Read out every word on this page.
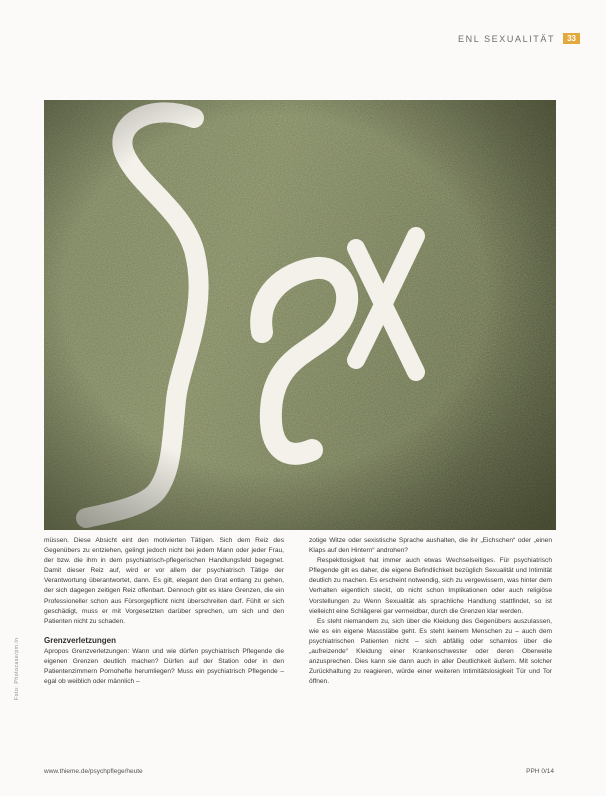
ENL SEXUALITÄT	33

müssen. Diese Absicht eint den motivierten Tätigen. Sich dem Reiz des Gegenübers zu entziehen, gelingt jedoch nicht bei jedem Mann oder jeder Frau, der bzw. die ihm in dem psychiatrisch-pflegerischen Handlungsfeld begegnet. Damit dieser Reiz auf, wird er vor allem der psychiatrisch Tätige der Verantwortung überantwortet, dann. Es gilt, elegant den Grat entlang zu gehen, der sich dagegen zeitigen Reiz offenbart. Dennoch gibt es klare Grenzen, die ein Professioneller schon aus Fürsorgepflicht nicht überschreiten darf. Fühlt er sich geschädigt, muss er mit Vorgesetzten darüber sprechen, um sich und den Patienten nicht zu schaden.

Grenzverletzungen

Apropos Grenzverletzungen: Wann und wie dürfen psychiatrisch Pflegende die eigenen Grenzen deutlich machen? Dürfen auf der Station oder in den Patientenzimmern Pornohefte herumliegen? Muss ein psychiatrisch Pflegende – egal ob weiblich oder männlich –

zotige Witze oder sexistische Sprache aushalten, die ihr „Eichschen“ oder „einen Klaps auf den Hintern“ androhen?

Respektlosigkeit hat immer auch etwas Wechselseitiges. Für psychiatrisch Pflegende gilt es daher, die eigene Befindlichkeit bezüglich Sexualität und Intimität deutlich zu machen. Es erscheint notwendig, sich zu vergewissern, was hinter dem Verhalten eigentlich steckt, ob nicht schon Implikationen oder auch religiöse Vorstellungen zu Wenn Sexualität als sprachliche Handlung stattfindet, so ist vielleicht eine Schlägerei gar vermeidbar, durch die Grenzen klar werden.

Es steht niemandem zu, sich über die Kleidung des Gegenübers auszulassen, wie es ein eigene Massstäbe geht. Es steht keinem Menschen zu – auch dem psychiatrischen Patienten nicht – sich abfällig oder schamlos über die „aufreizende“ Kleidung einer Krankenschwester oder deren Oberweite anzusprechen. Dies kann sie dann auch in aller Deutlichkeit äußern. Mit solcher Zurückhaltung zu reagieren, würde einer weiteren Intimitätslosigkeit Tür und Tor öffnen.

Foto: Photocase/pm.ln
www.thieme.de/psychpflege/heute	PPH 0/14
